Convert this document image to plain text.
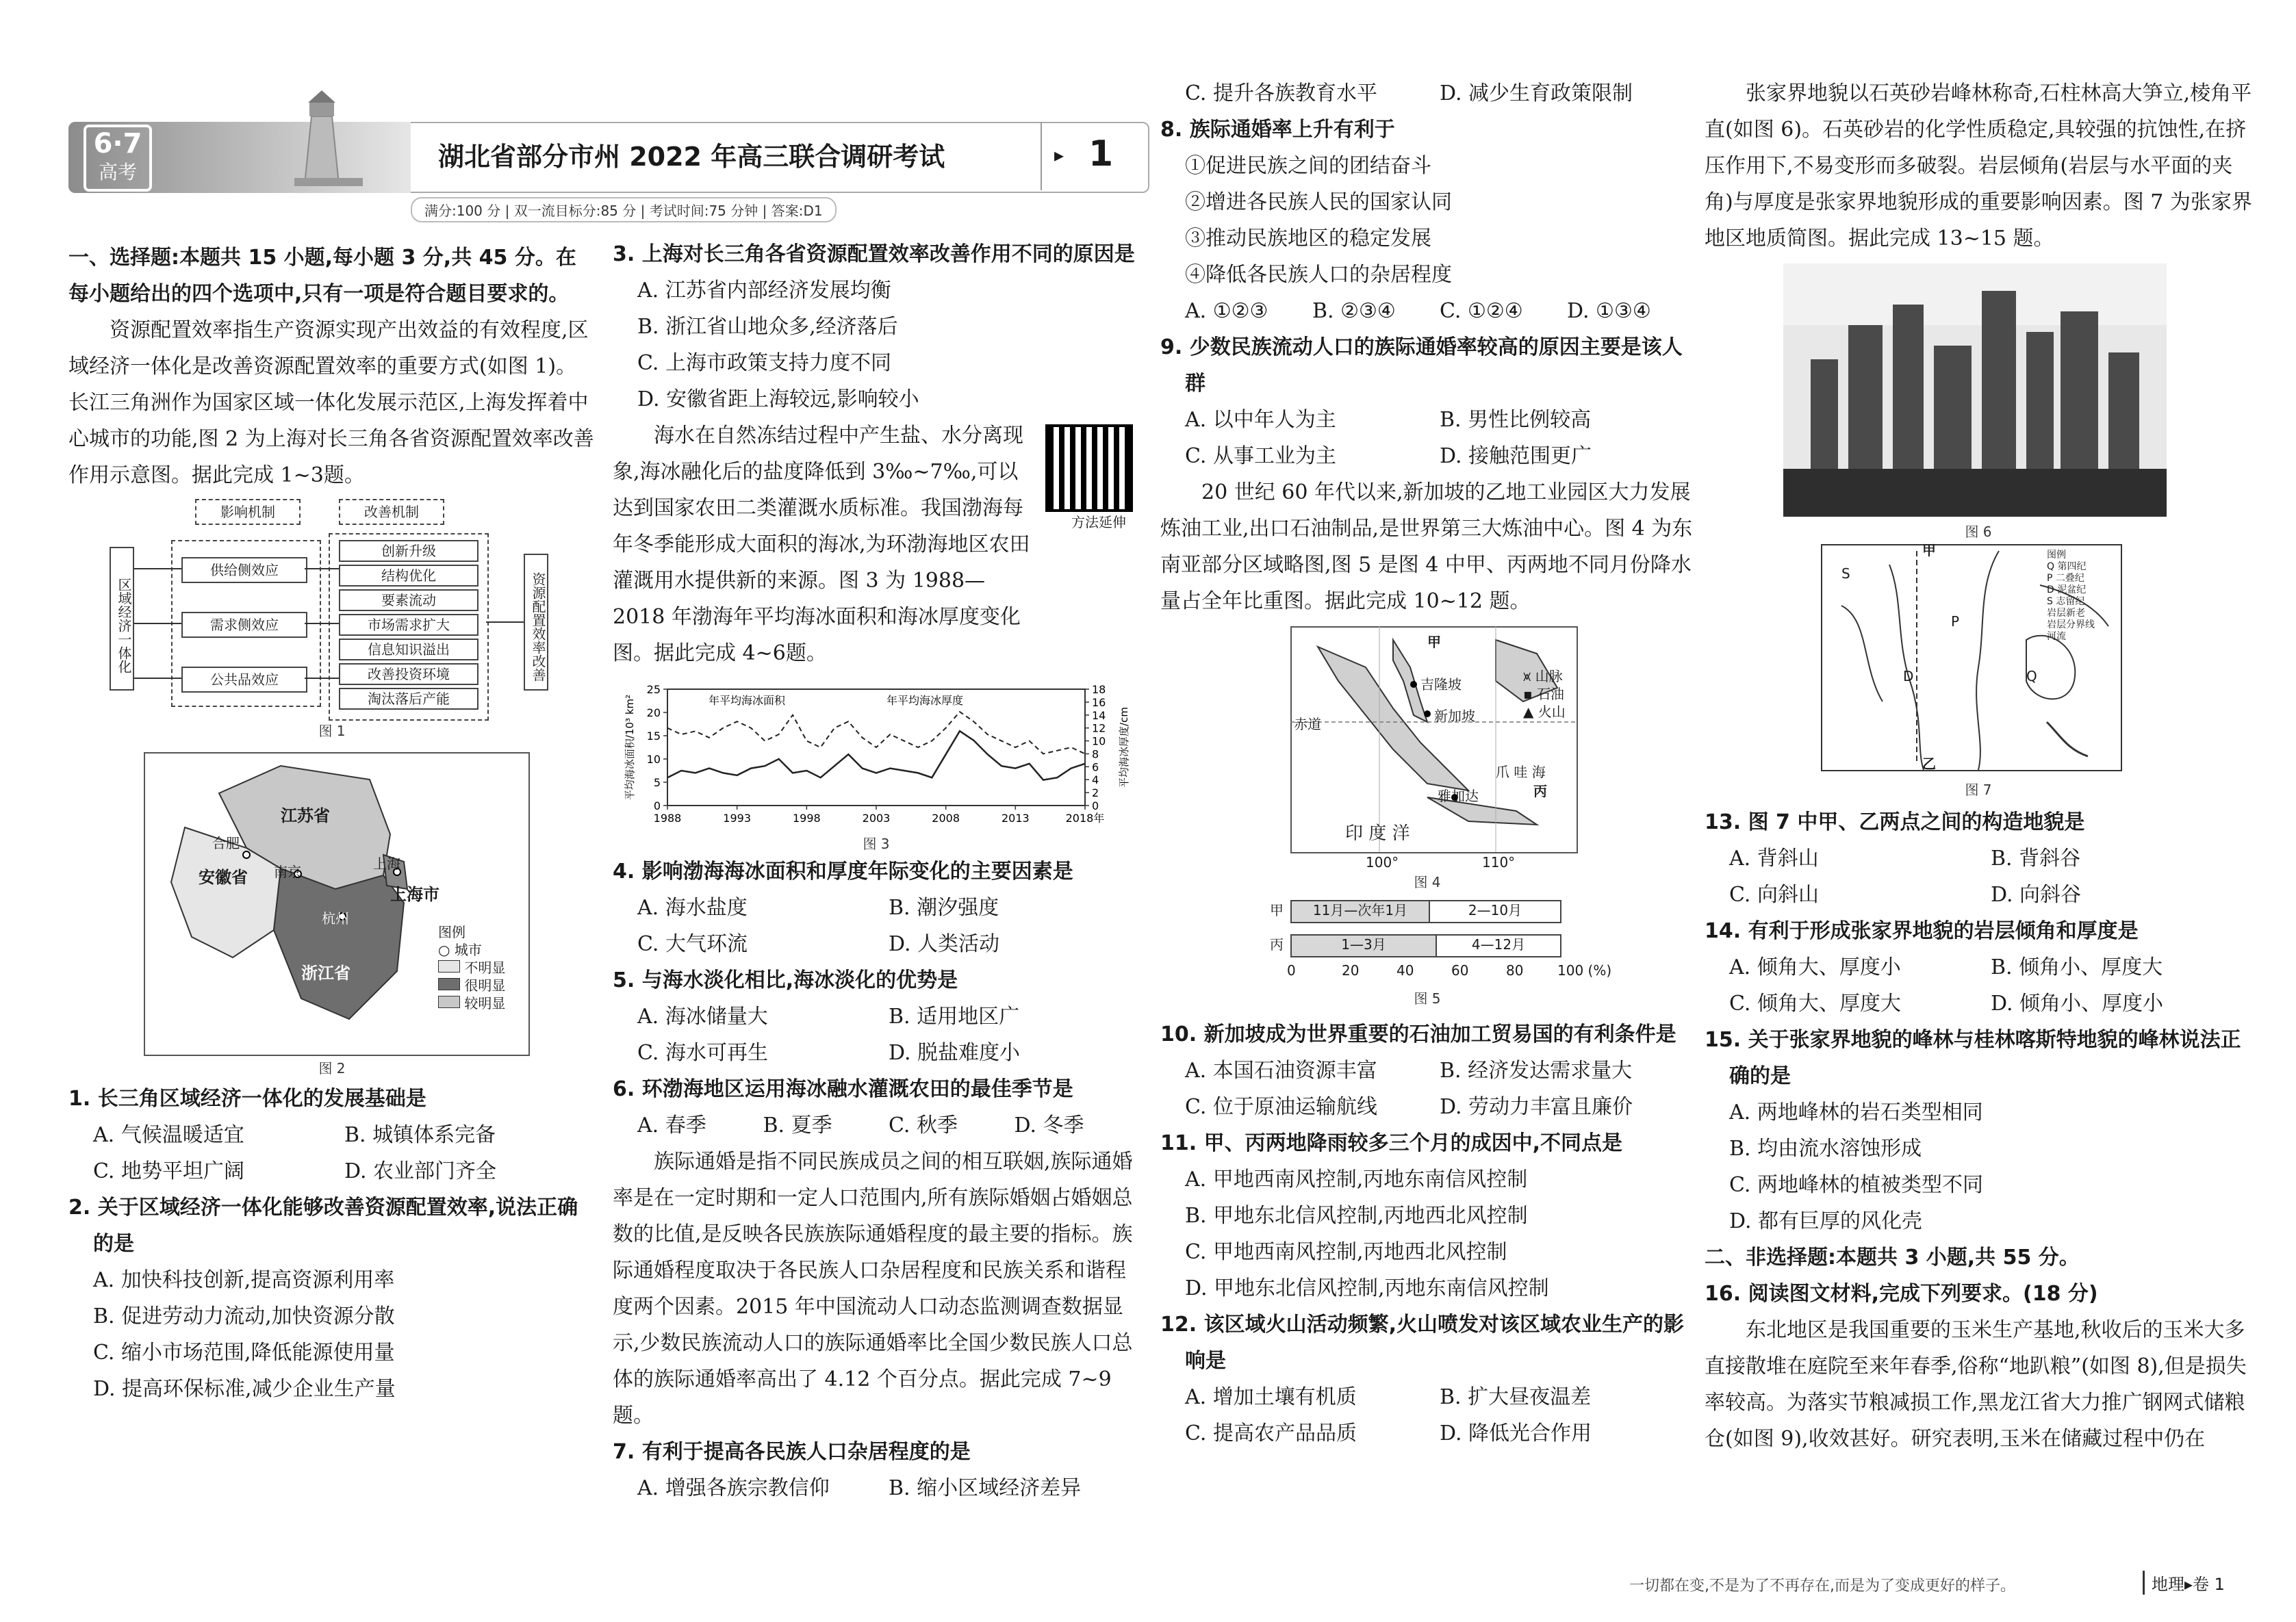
6·7
高考
湖北省部分市州 2022 年高三联合调研考试	▸ 1
满分:100 分 | 双一流目标分:85 分 | 考试时间:75 分钟 | 答案:D1

一、选择题:本题共 15 小题,每小题 3 分,共 45 分。在每小题给出的四个选项中,只有一项是符合题目要求的。

资源配置效率指生产资源实现产出效益的有效程度,区域经济一体化是改善资源配置效率的重要方式(如图 1)。长江三角洲作为国家区域一体化发展示范区,上海发挥着中心城市的功能,图 2 为上海对长三角各省资源配置效率改善作用示意图。据此完成 1~3题。

影响机制	改善机制
区域经济一体化
供给侧效应
需求侧效应
公共品效应
创新升级
结构优化
要素流动
市场需求扩大
信息知识溢出
改善投资环境
淘汰落后产能
资源配置效率改善
图 1
江苏省
安徽省
浙江省
上海市
合肥
南京	上海
杭州
图例
○ 城市
不明显
很明显
较明显
图 2

1. 长三角区域经济一体化的发展基础是

A. 气候温暖适宜	B. 城镇体系完备
C. 地势平坦广阔	D. 农业部门齐全

2. 关于区域经济一体化能够改善资源配置效率,说法正确的是

A. 加快科技创新,提高资源利用率
B. 促进劳动力流动,加快资源分散
C. 缩小市场范围,降低能源使用量
D. 提高环保标准,减少企业生产量

3. 上海对长三角各省资源配置效率改善作用不同的原因是

A. 江苏省内部经济发展均衡
B. 浙江省山地众多,经济落后
C. 上海市政策支持力度不同
D. 安徽省距上海较远,影响较小

海水在自然冻结过程中产生盐、水分离现象,海冰融化后的盐度降低到 3‰~7‰,可以达到国家农田二类灌溉水质标准。我国渤海每年冬季能形成大面积的海冰,为环渤海地区农田灌溉用水提供新的来源。图 3 为 1988—2018 年渤海年平均海冰面积和海冰厚度变化图。据此完成 4~6题。

方法延伸
0
5
10
15
20
25
0
2
4
6
8
10
12
14
16
18
1988	1993	1998	2003	2008	2013	2018年
平均海冰面积/10³ km²	平均海冰厚度/cm
年平均海冰面积	年平均海冰厚度
图 3

4. 影响渤海海冰面积和厚度年际变化的主要因素是

A. 海水盐度	B. 潮汐强度
C. 大气环流	D. 人类活动

5. 与海水淡化相比,海冰淡化的优势是

A. 海冰储量大	B. 适用地区广
C. 海水可再生	D. 脱盐难度小

6. 环渤海地区运用海冰融水灌溉农田的最佳季节是

A. 春季	B. 夏季	C. 秋季	D. 冬季

族际通婚是指不同民族成员之间的相互联姻,族际通婚率是在一定时期和一定人口范围内,所有族际婚姻占婚姻总数的比值,是反映各民族族际通婚程度的最主要的指标。族际通婚程度取决于各民族人口杂居程度和民族关系和谐程度两个因素。2015 年中国流动人口动态监测调查数据显示,少数民族流动人口的族际通婚率比全国少数民族人口总体的族际通婚率高出了 4.12 个百分点。据此完成 7~9 题。

7. 有利于提高各民族人口杂居程度的是

A. 增强各族宗教信仰	B. 缩小区域经济差异
C. 提升各族教育水平	D. 减少生育政策限制

8. 族际通婚率上升有利于

①促进民族之间的团结奋斗
②增进各民族人民的国家认同
③推动民族地区的稳定发展
④降低各民族人口的杂居程度
A. ①②③	B. ②③④	C. ①②④	D. ①③④

9. 少数民族流动人口的族际通婚率较高的原因主要是该人群

A. 以中年人为主	B. 男性比例较高
C. 从事工业为主	D. 接触范围更广

20 世纪 60 年代以来,新加坡的乙地工业园区大力发展炼油工业,出口石油制品,是世界第三大炼油中心。图 4 为东南亚部分区域略图,图 5 是图 4 中甲、丙两地不同月份降水量占全年比重图。据此完成 10~12 题。

甲
吉隆坡
新加坡
雅加达	丙
赤道
印 度 洋
爪 哇 海
100°	110°
⩙ 山脉
▪ 石油
▲ 火山
图 4
甲
丙
11月—次年1月	2—10月
1—3月	4—12月
0	20	40	60	80 100 (%)
图 5

10. 新加坡成为世界重要的石油加工贸易国的有利条件是

A. 本国石油资源丰富	B. 经济发达需求量大
C. 位于原油运输航线	D. 劳动力丰富且廉价

11. 甲、丙两地降雨较多三个月的成因中,不同点是

A. 甲地西南风控制,丙地东南信风控制
B. 甲地东北信风控制,丙地西北风控制
C. 甲地西南风控制,丙地西北风控制
D. 甲地东北信风控制,丙地东南信风控制

12. 该区域火山活动频繁,火山喷发对该区域农业生产的影响是

A. 增加土壤有机质	B. 扩大昼夜温差
C. 提高农产品品质	D. 降低光合作用

张家界地貌以石英砂岩峰林称奇,石柱林高大笋立,棱角平直(如图 6)。石英砂岩的化学性质稳定,具较强的抗蚀性,在挤压作用下,不易变形而多破裂。岩层倾角(岩层与水平面的夹角)与厚度是张家界地貌形成的重要影响因素。图 7 为张家界地区地质简图。据此完成 13~15 题。

图 6
S
D
P
Q
甲
乙
图例
Q 第四纪
P 二叠纪
D 泥盆纪
S 志留纪
岩层新老
岩层分界线
河流
图 7

13. 图 7 中甲、乙两点之间的构造地貌是

A. 背斜山	B. 背斜谷
C. 向斜山	D. 向斜谷

14. 有利于形成张家界地貌的岩层倾角和厚度是

A. 倾角大、厚度小	B. 倾角小、厚度大
C. 倾角大、厚度大	D. 倾角小、厚度小

15. 关于张家界地貌的峰林与桂林喀斯特地貌的峰林说法正确的是

A. 两地峰林的岩石类型相同
B. 均由流水溶蚀形成
C. 两地峰林的植被类型不同
D. 都有巨厚的风化壳

二、非选择题:本题共 3 小题,共 55 分。

16. 阅读图文材料,完成下列要求。(18 分)

东北地区是我国重要的玉米生产基地,秋收后的玉米大多直接散堆在庭院至来年春季,俗称“地趴粮”(如图 8),但是损失率较高。为落实节粮减损工作,黑龙江省大力推广钢网式储粮仓(如图 9),收效甚好。研究表明,玉米在储藏过程中仍在

一切都在变,不是为了不再存在,而是为了变成更好的样子。	地理▸卷 1
